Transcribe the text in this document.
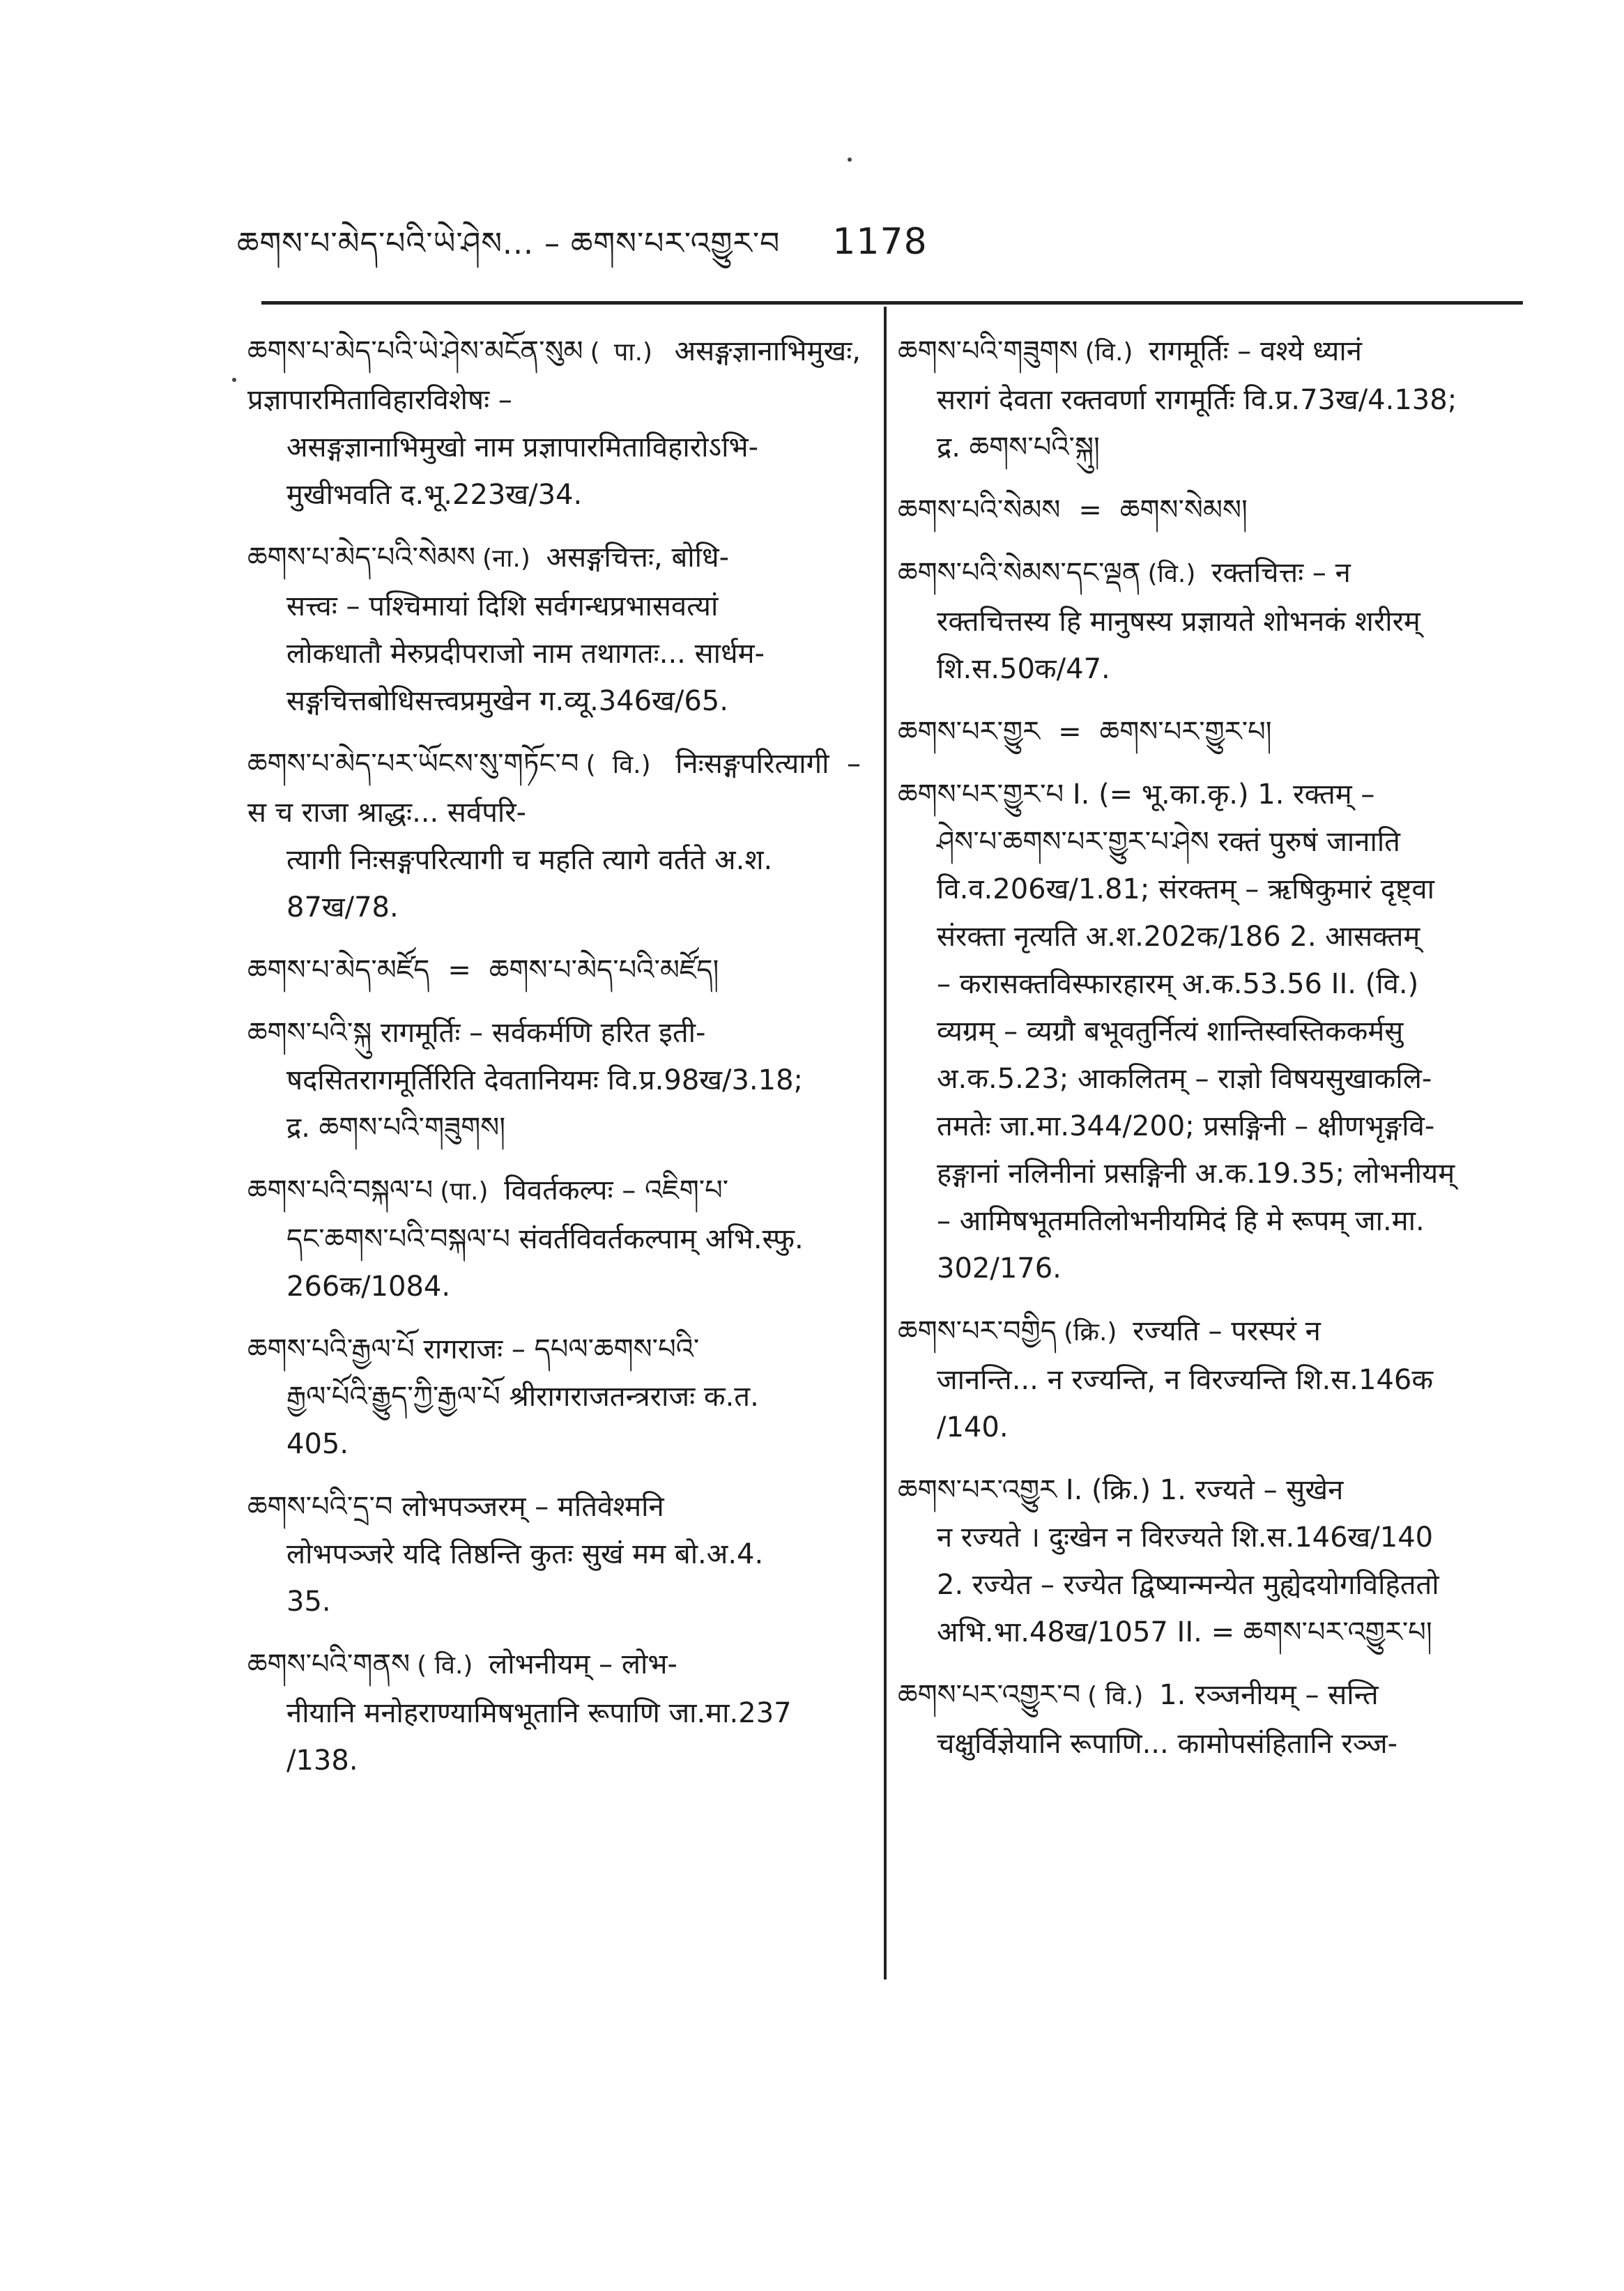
ཆགས་པ་མེད་པའི་ཡེ་ཤེས... – ཆགས་པར་འགྱུར་བ 1178

ཆགས་པ་མེད་པའི་ཡེ་ཤེས་མངོན་སུམ ( पा.) असङ्गज्ञानाभिमुखः, प्रज्ञापारमिताविहारविशेषः –

असङ्गज्ञानाभिमुखो नाम प्रज्ञापारमिताविहारोऽभि-

मुखीभवति द.भू.223ख/34.

ཆགས་པ་མེད་པའི་སེམས (ना.) असङ्गचित्तः, बोधि-

सत्त्वः – पश्चिमायां दिशि सर्वगन्धप्रभासवत्यां

लोकधातौ मेरुप्रदीपराजो नाम तथागतः... सार्धम-

सङ्गचित्तबोधिसत्त्वप्रमुखेन ग.व्यू.346ख/65.

ཆགས་པ་མེད་པར་ཡོངས་སུ་གཏོང་བ ( वि.) निःसङ्गपरित्यागी – स च राजा श्राद्धः... सर्वपरि-

त्यागी निःसङ्गपरित्यागी च महति त्यागे वर्तते अ.श.

87ख/78.

ཆགས་པ་མེད་མཛོད = ཆགས་པ་མེད་པའི་མཛོད།

ཆགས་པའི་སྐུ रागमूर्तिः – सर्वकर्मणि हरित इती-

षदसितरागमूर्तिरिति देवतानियमः वि.प्र.98ख/3.18;

द्र. ཆགས་པའི་གཟུགས།

ཆགས་པའི་བསྐལ་པ (पा.) विवर्तकल्पः – འཇིག་པ་

དང་ཆགས་པའི་བསྐལ་པ संवर्तविवर्तकल्पाम् अभि.स्फु.

266क/1084.

ཆགས་པའི་རྒྱལ་པོ रागराजः – དཔལ་ཆགས་པའི་

རྒྱལ་པོའི་རྒྱུད་ཀྱི་རྒྱལ་པོ श्रीरागराजतन्त्रराजः क.त.

405.

ཆགས་པའི་དྲ་བ लोभपञ्जरम् – मतिवेश्मनि

लोभपञ्जरे यदि तिष्ठन्ति कुतः सुखं मम बो.अ.4.

35.

ཆགས་པའི་གནས ( वि.) लोभनीयम् – लोभ-

नीयानि मनोहराण्यामिषभूतानि रूपाणि जा.मा.237

/138.

ཆགས་པའི་གཟུགས (वि.) रागमूर्तिः – वश्ये ध्यानं

सरागं देवता रक्तवर्णा रागमूर्तिः वि.प्र.73ख/4.138;

द्र. ཆགས་པའི་སྐུ།

ཆགས་པའི་སེམས = ཆགས་སེམས།

ཆགས་པའི་སེམས་དང་ལྡན (वि.) रक्तचित्तः – न

रक्तचित्तस्य हि मानुषस्य प्रज्ञायते शोभनकं शरीरम्

शि.स.50क/47.

ཆགས་པར་གྱུར = ཆགས་པར་གྱུར་པ།

ཆགས་པར་གྱུར་པ I. (= भू.का.कृ.) 1. रक्तम् –

ཤེས་པ་ཆགས་པར་གྱུར་པ་ཤེས रक्तं पुरुषं जानाति

वि.व.206ख/1.81; संरक्तम् – ऋषिकुमारं दृष्ट्वा

संरक्ता नृत्यति अ.श.202क/186 2. आसक्तम्

– करासक्तविस्फारहारम् अ.क.53.56 II. (वि.)

व्यग्रम् – व्यग्रौ बभूवतुर्नित्यं शान्तिस्वस्तिककर्मसु

अ.क.5.23; आकलितम् – राज्ञो विषयसुखाकलि-

तमतेः जा.मा.344/200; प्रसङ्गिनी – क्षीणभृङ्गवि-

हङ्गानां नलिनीनां प्रसङ्गिनी अ.क.19.35; लोभनीयम्

– आमिषभूतमतिलोभनीयमिदं हि मे रूपम् जा.मा.

302/176.

ཆགས་པར་བགྱིད (क्रि.) रज्यति – परस्परं न

जानन्ति... न रज्यन्ति, न विरज्यन्ति शि.स.146क

/140.

ཆགས་པར་འགྱུར I. (क्रि.) 1. रज्यते – सुखेन

न रज्यते । दुःखेन न विरज्यते शि.स.146ख/140

2. रज्येत – रज्येत द्विष्यान्मन्येत मुह्येदयोगविहिततो

अभि.भा.48ख/1057 II. = ཆགས་པར་འགྱུར་པ།

ཆགས་པར་འགྱུར་བ ( वि.) 1. रञ्जनीयम् – सन्ति

चक्षुर्विज्ञेयानि रूपाणि... कामोपसंहितानि रञ्ज-
